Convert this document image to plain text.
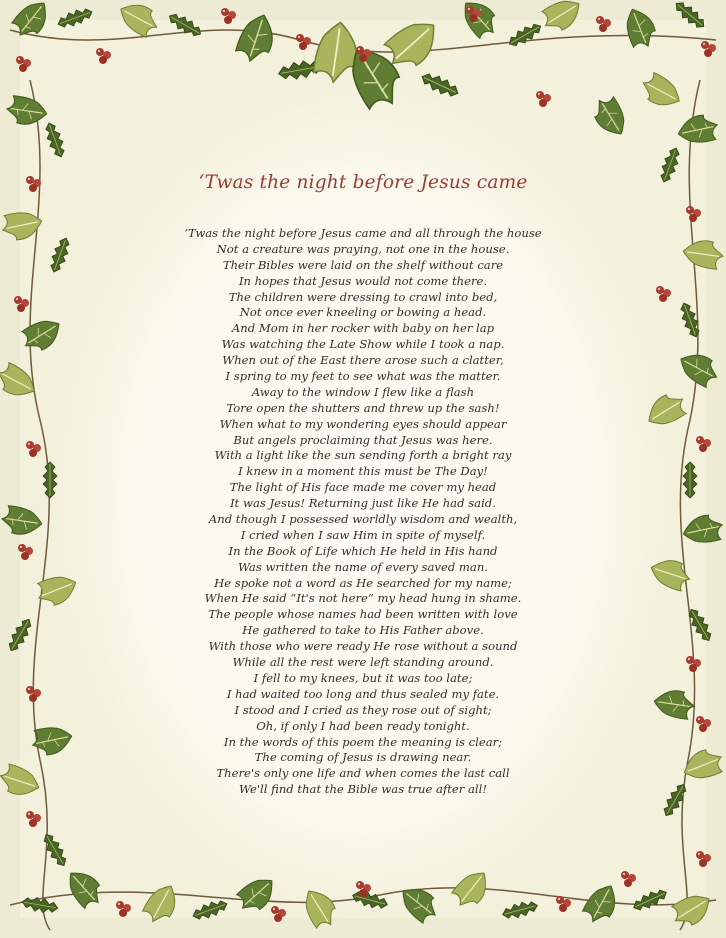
‘Twas the night before Jesus came
‘Twas the night before Jesus came and all through the house
Not a creature was praying, not one in the house.
Their Bibles were laid on the shelf without care
In hopes that Jesus would not come there.
The children were dressing to crawl into bed,
Not once ever kneeling or bowing a head.
And Mom in her rocker with baby on her lap
Was watching the Late Show while I took a nap.
When out of the East there arose such a clatter,
I spring to my feet to see what was the matter.
Away to the window I flew like a flash
Tore open the shutters and threw up the sash!
When what to my wondering eyes should appear
But angels proclaiming that Jesus was here.
With a light like the sun sending forth a bright ray
I knew in a moment this must be The Day!
The light of His face made me cover my head
It was Jesus! Returning just like He had said.
And though I possessed worldly wisdom and wealth,
I cried when I saw Him in spite of myself.
In the Book of Life which He held in His hand
Was written the name of every saved man.
He spoke not a word as He searched for my name;
When He said “It's not here” my head hung in shame.
The people whose names had been written with love
He gathered to take to His Father above.
With those who were ready He rose without a sound
While all the rest were left standing around.
I fell to my knees, but it was too late;
I had waited too long and thus sealed my fate.
I stood and I cried as they rose out of sight;
Oh, if only I had been ready tonight.
In the words of this poem the meaning is clear;
The coming of Jesus is drawing near.
There's only one life and when comes the last call
We'll find that the Bible was true after all!
